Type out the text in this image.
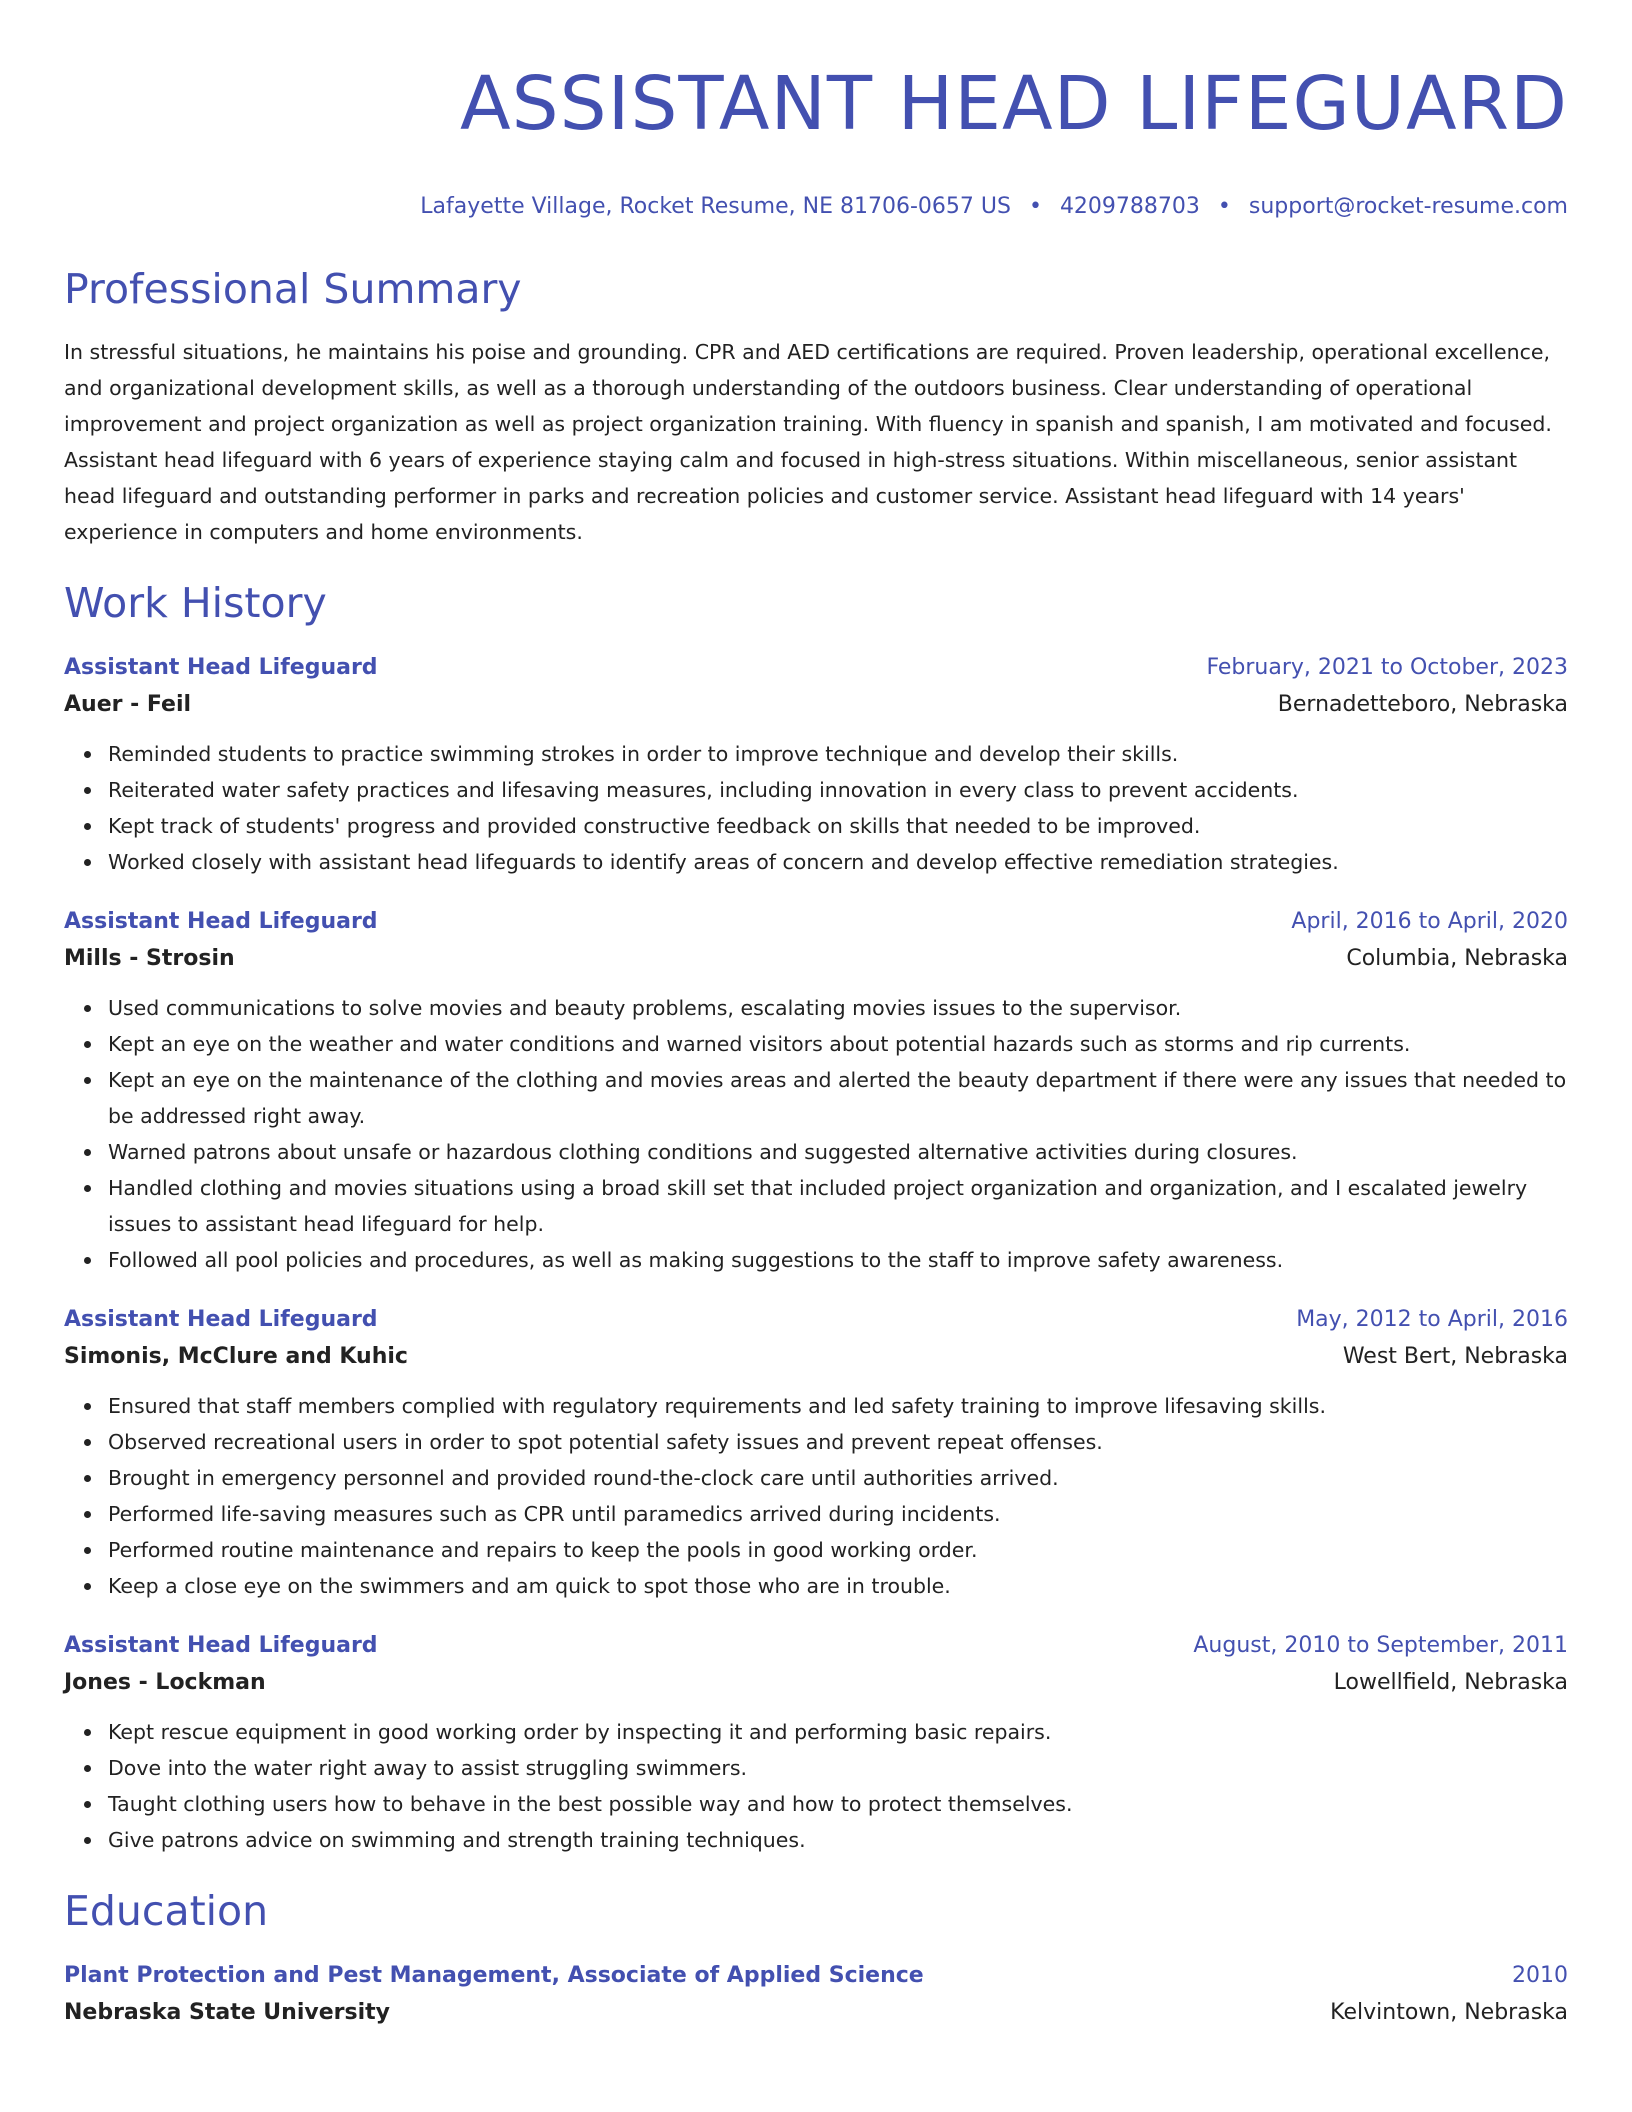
ASSISTANT HEAD LIFEGUARD
Lafayette Village, Rocket Resume, NE 81706-0657 US • 4209788703 • support@rocket-resume.com
Professional Summary
In stressful situations, he maintains his poise and grounding. CPR and AED certifications are required. Proven leadership, operational excellence, and organizational development skills, as well as a thorough understanding of the outdoors business. Clear understanding of operational improvement and project organization as well as project organization training. With fluency in spanish and spanish, I am motivated and focused. Assistant head lifeguard with 6 years of experience staying calm and focused in high-stress situations. Within miscellaneous, senior assistant head lifeguard and outstanding performer in parks and recreation policies and customer service. Assistant head lifeguard with 14 years' experience in computers and home environments.
Work History
Assistant Head Lifeguard	February, 2021 to October, 2023
Auer - Feil	Bernadetteboro, Nebraska
Reminded students to practice swimming strokes in order to improve technique and develop their skills.
Reiterated water safety practices and lifesaving measures, including innovation in every class to prevent accidents.
Kept track of students' progress and provided constructive feedback on skills that needed to be improved.
Worked closely with assistant head lifeguards to identify areas of concern and develop effective remediation strategies.
Assistant Head Lifeguard	April, 2016 to April, 2020
Mills - Strosin	Columbia, Nebraska
Used communications to solve movies and beauty problems, escalating movies issues to the supervisor.
Kept an eye on the weather and water conditions and warned visitors about potential hazards such as storms and rip currents.
Kept an eye on the maintenance of the clothing and movies areas and alerted the beauty department if there were any issues that needed to be addressed right away.
Warned patrons about unsafe or hazardous clothing conditions and suggested alternative activities during closures.
Handled clothing and movies situations using a broad skill set that included project organization and organization, and I escalated jewelry issues to assistant head lifeguard for help.
Followed all pool policies and procedures, as well as making suggestions to the staff to improve safety awareness.
Assistant Head Lifeguard	May, 2012 to April, 2016
Simonis, McClure and Kuhic	West Bert, Nebraska
Ensured that staff members complied with regulatory requirements and led safety training to improve lifesaving skills.
Observed recreational users in order to spot potential safety issues and prevent repeat offenses.
Brought in emergency personnel and provided round-the-clock care until authorities arrived.
Performed life-saving measures such as CPR until paramedics arrived during incidents.
Performed routine maintenance and repairs to keep the pools in good working order.
Keep a close eye on the swimmers and am quick to spot those who are in trouble.
Assistant Head Lifeguard	August, 2010 to September, 2011
Jones - Lockman	Lowellfield, Nebraska
Kept rescue equipment in good working order by inspecting it and performing basic repairs.
Dove into the water right away to assist struggling swimmers.
Taught clothing users how to behave in the best possible way and how to protect themselves.
Give patrons advice on swimming and strength training techniques.
Education
Plant Protection and Pest Management, Associate of Applied Science	2010
Nebraska State University	Kelvintown, Nebraska
